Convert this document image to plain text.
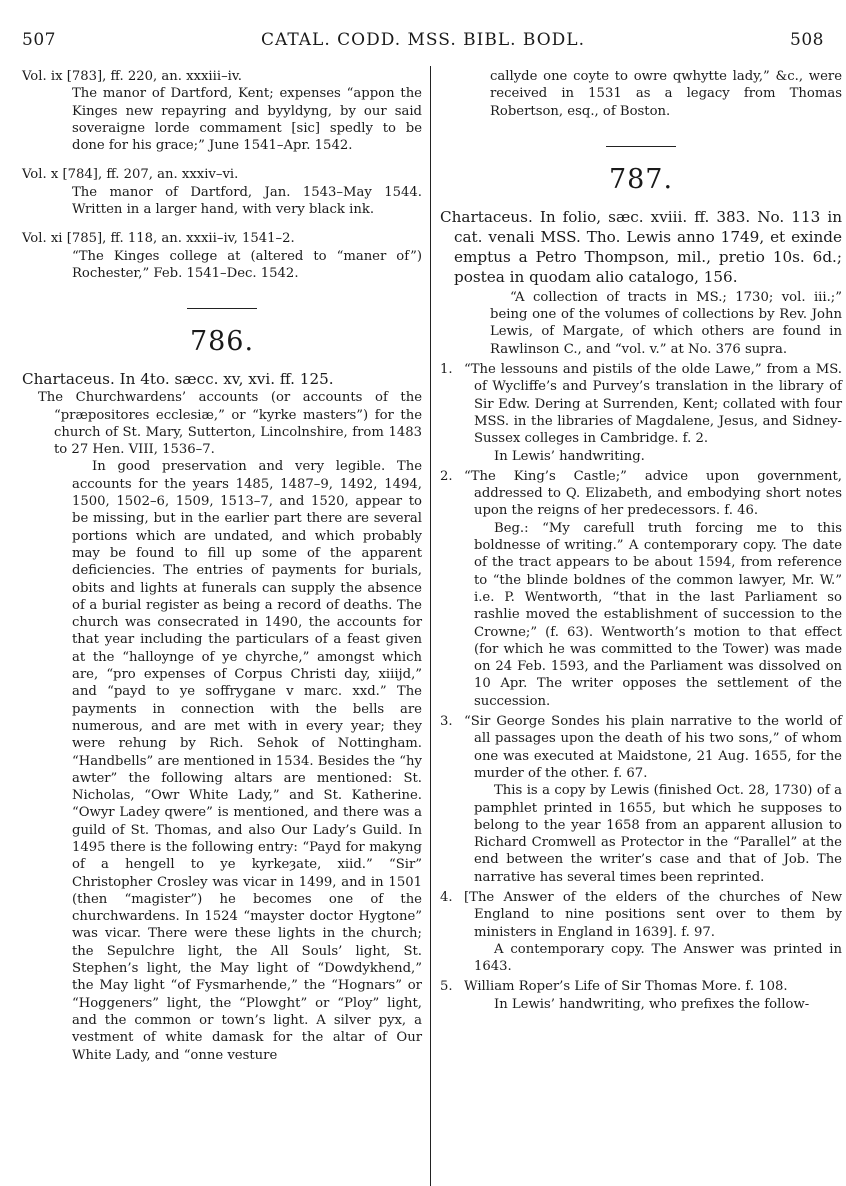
507	CATAL. CODD. MSS. BIBL. BODL.	508

Vol. ix [783], ff. 220, an. xxxiii–iv.

The manor of Dartford, Kent; expenses “appon the Kinges new repayring and byyldyng, by our said soveraigne lorde commament [sic] spedly to be done for his grace;” June 1541–Apr. 1542.

Vol. x [784], ff. 207, an. xxxiv–vi.

The manor of Dartford, Jan. 1543–May 1544. Written in a larger hand, with very black ink.

Vol. xi [785], ff. 118, an. xxxii–iv, 1541–2.

“The Kinges college at (altered to “maner of”) Rochester,” Feb. 1541–Dec. 1542.

786.

Chartaceus. In 4to. sæcc. xv, xvi. ff. 125.

The Churchwardens’ accounts (or accounts of the “præpositores ecclesiæ,” or “kyrke masters”) for the church of St. Mary, Sutterton, Lincolnshire, from 1483 to 27 Hen. VIII, 1536–7.

In good preservation and very legible. The accounts for the years 1485, 1487–9, 1492, 1494, 1500, 1502–6, 1509, 1513–7, and 1520, appear to be missing, but in the earlier part there are several portions which are undated, and which probably may be found to fill up some of the apparent deficiencies. The entries of payments for burials, obits and lights at funerals can supply the absence of a burial register as being a record of deaths. The church was consecrated in 1490, the accounts for that year including the particulars of a feast given at the “halloynge of ye chyrche,” amongst which are, “pro expenses of Corpus Christi day, xiiijd,” and “payd to ye soffrygane v marc. xxd.” The payments in connection with the bells are numerous, and are met with in every year; they were rehung by Rich. Sehok of Nottingham. “Handbells” are mentioned in 1534. Besides the “hy awter” the following altars are mentioned: St. Nicholas, “Owr White Lady,” and St. Katherine. “Owyr Ladey qwere” is mentioned, and there was a guild of St. Thomas, and also Our Lady’s Guild. In 1495 there is the following entry: “Payd for makyng of a hengell to ye kyrkeȝate, xiid.” “Sir” Christopher Crosley was vicar in 1499, and in 1501 (then “magister”) he becomes one of the churchwardens. In 1524 “mayster doctor Hygtone” was vicar. There were these lights in the church; the Sepulchre light, the All Souls’ light, St. Stephen’s light, the May light of “Dowdykhend,” the May light “of Fysmarhende,” the “Hognars” or “Hoggeners” light, the “Plowght” or “Ploy” light, and the common or town’s light. A silver pyx, a vestment of white damask for the altar of Our White Lady, and “onne vesture

callyde one coyte to owre qwhytte lady,” &c., were received in 1531 as a legacy from Thomas Robertson, esq., of Boston.

787.

Chartaceus. In folio, sæc. xviii. ff. 383. No. 113 in cat. venali MSS. Tho. Lewis anno 1749, et exinde emptus a Petro Thompson, mil., pretio 10s. 6d.; postea in quodam alio catalogo, 156.

“A collection of tracts in MS.; 1730; vol. iii.;” being one of the volumes of collections by Rev. John Lewis, of Margate, of which others are found in Rawlinson C., and “vol. v.” at No. 376 supra.

1. “The lessouns and pistils of the olde Lawe,” from a MS. of Wycliffe’s and Purvey’s translation in the library of Sir Edw. Dering at Surrenden, Kent; collated with four MSS. in the libraries of Magdalene, Jesus, and Sidney-Sussex colleges in Cambridge. f. 2.

In Lewis’ handwriting.

2. “The King’s Castle;” advice upon government, addressed to Q. Elizabeth, and embodying short notes upon the reigns of her predecessors. f. 46.

Beg.: “My carefull truth forcing me to this boldnesse of writing.” A contemporary copy. The date of the tract appears to be about 1594, from reference to “the blinde boldnes of the common lawyer, Mr. W.” i.e. P. Wentworth, “that in the last Parliament so rashlie moved the establishment of succession to the Crowne;” (f. 63). Wentworth’s motion to that effect (for which he was committed to the Tower) was made on 24 Feb. 1593, and the Parliament was dissolved on 10 Apr. The writer opposes the settlement of the succession.

3. “Sir George Sondes his plain narrative to the world of all passages upon the death of his two sons,” of whom one was executed at Maidstone, 21 Aug. 1655, for the murder of the other. f. 67.

This is a copy by Lewis (finished Oct. 28, 1730) of a pamphlet printed in 1655, but which he supposes to belong to the year 1658 from an apparent allusion to Richard Cromwell as Protector in the “Parallel” at the end between the writer’s case and that of Job. The narrative has several times been reprinted.

4. [The Answer of the elders of the churches of New England to nine positions sent over to them by ministers in England in 1639]. f. 97.

A contemporary copy. The Answer was printed in 1643.

5. William Roper’s Life of Sir Thomas More. f. 108.

In Lewis’ handwriting, who prefixes the follow-
